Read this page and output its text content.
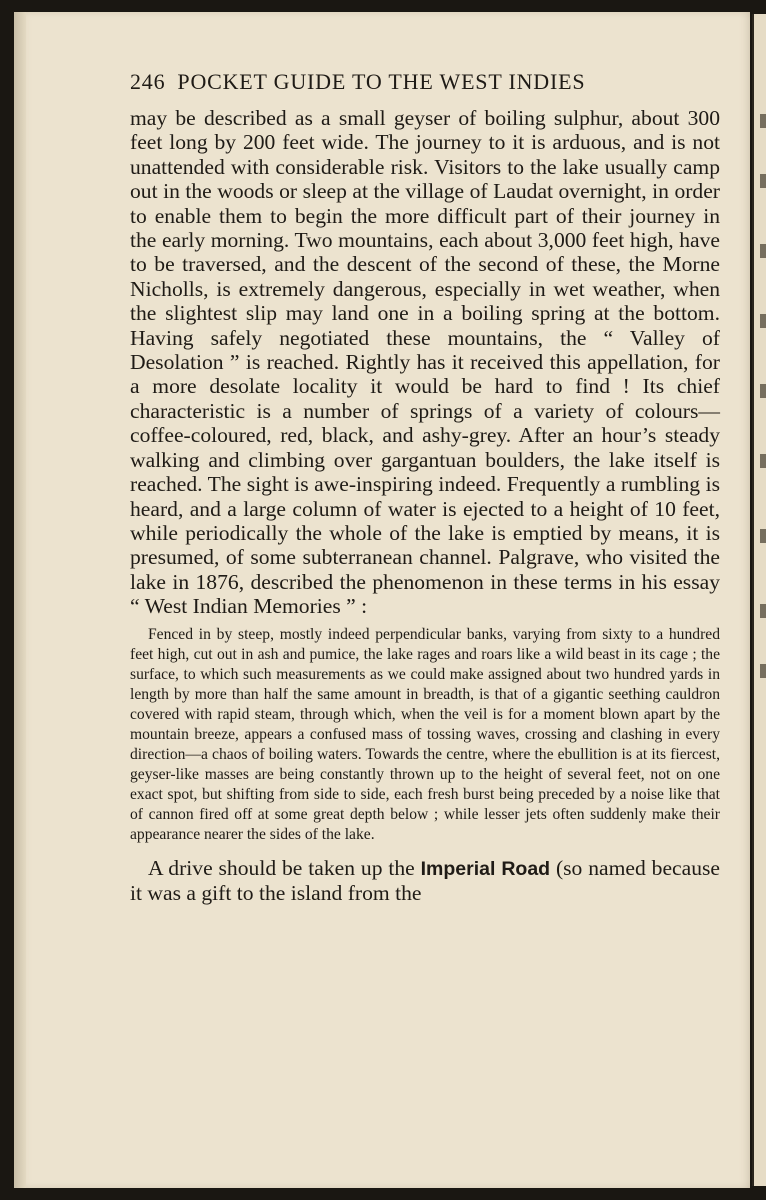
246 POCKET GUIDE TO THE WEST INDIES

may be described as a small geyser of boiling sulphur, about 300 feet long by 200 feet wide. The journey to it is arduous, and is not unattended with considerable risk. Visitors to the lake usually camp out in the woods or sleep at the village of Laudat overnight, in order to enable them to begin the more difficult part of their journey in the early morning. Two mountains, each about 3,000 feet high, have to be traversed, and the descent of the second of these, the Morne Nicholls, is extremely dangerous, especially in wet weather, when the slightest slip may land one in a boiling spring at the bottom. Having safely negotiated these mountains, the “ Valley of Desolation ” is reached. Rightly has it received this appellation, for a more desolate locality it would be hard to find ! Its chief characteristic is a number of springs of a variety of colours—coffee-coloured, red, black, and ashy-grey. After an hour’s steady walking and climbing over gargantuan boulders, the lake itself is reached. The sight is awe-inspiring indeed. Frequently a rumbling is heard, and a large column of water is ejected to a height of 10 feet, while periodically the whole of the lake is emptied by means, it is presumed, of some subterranean channel. Palgrave, who visited the lake in 1876, described the phenomenon in these terms in his essay “ West Indian Memories ” :

Fenced in by steep, mostly indeed perpendicular banks, varying from sixty to a hundred feet high, cut out in ash and pumice, the lake rages and roars like a wild beast in its cage ; the surface, to which such measurements as we could make assigned about two hundred yards in length by more than half the same amount in breadth, is that of a gigantic seething cauldron covered with rapid steam, through which, when the veil is for a moment blown apart by the mountain breeze, appears a confused mass of tossing waves, crossing and clashing in every direction—a chaos of boiling waters. Towards the centre, where the ebullition is at its fiercest, geyser-like masses are being constantly thrown up to the height of several feet, not on one exact spot, but shifting from side to side, each fresh burst being preceded by a noise like that of cannon fired off at some great depth below ; while lesser jets often suddenly make their appearance nearer the sides of the lake.

A drive should be taken up the Imperial Road (so named because it was a gift to the island from the
